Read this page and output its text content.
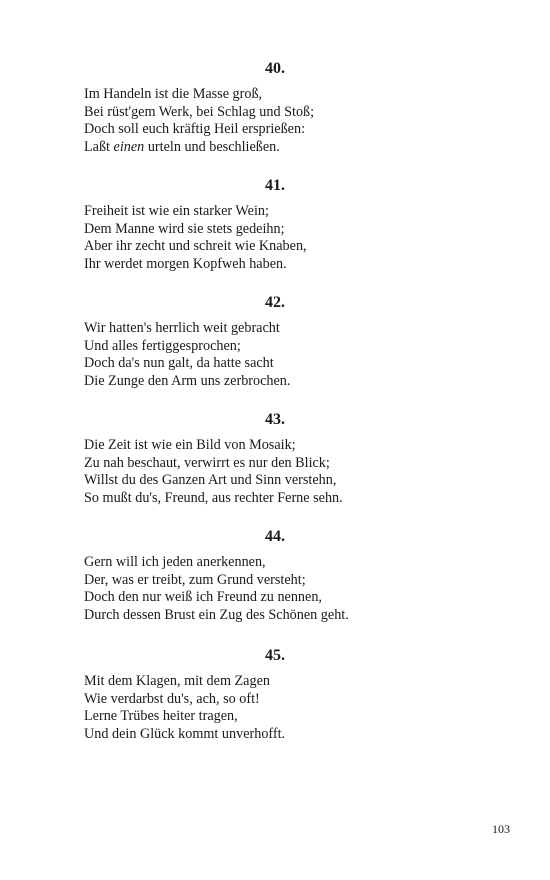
40.
Im Handeln ist die Masse groß,
Bei rüst'gem Werk, bei Schlag und Stoß;
Doch soll euch kräftig Heil ersprießen:
Laßt einen urteln und beschließen.
41.
Freiheit ist wie ein starker Wein;
Dem Manne wird sie stets gedeihn;
Aber ihr zecht und schreit wie Knaben,
Ihr werdet morgen Kopfweh haben.
42.
Wir hatten's herrlich weit gebracht
Und alles fertiggesprochen;
Doch da's nun galt, da hatte sacht
Die Zunge den Arm uns zerbrochen.
43.
Die Zeit ist wie ein Bild von Mosaik;
Zu nah beschaut, verwirrt es nur den Blick;
Willst du des Ganzen Art und Sinn verstehn,
So mußt du's, Freund, aus rechter Ferne sehn.
44.
Gern will ich jeden anerkennen,
Der, was er treibt, zum Grund versteht;
Doch den nur weiß ich Freund zu nennen,
Durch dessen Brust ein Zug des Schönen geht.
45.
Mit dem Klagen, mit dem Zagen
Wie verdarbst du's, ach, so oft!
Lerne Trübes heiter tragen,
Und dein Glück kommt unverhofft.
103
